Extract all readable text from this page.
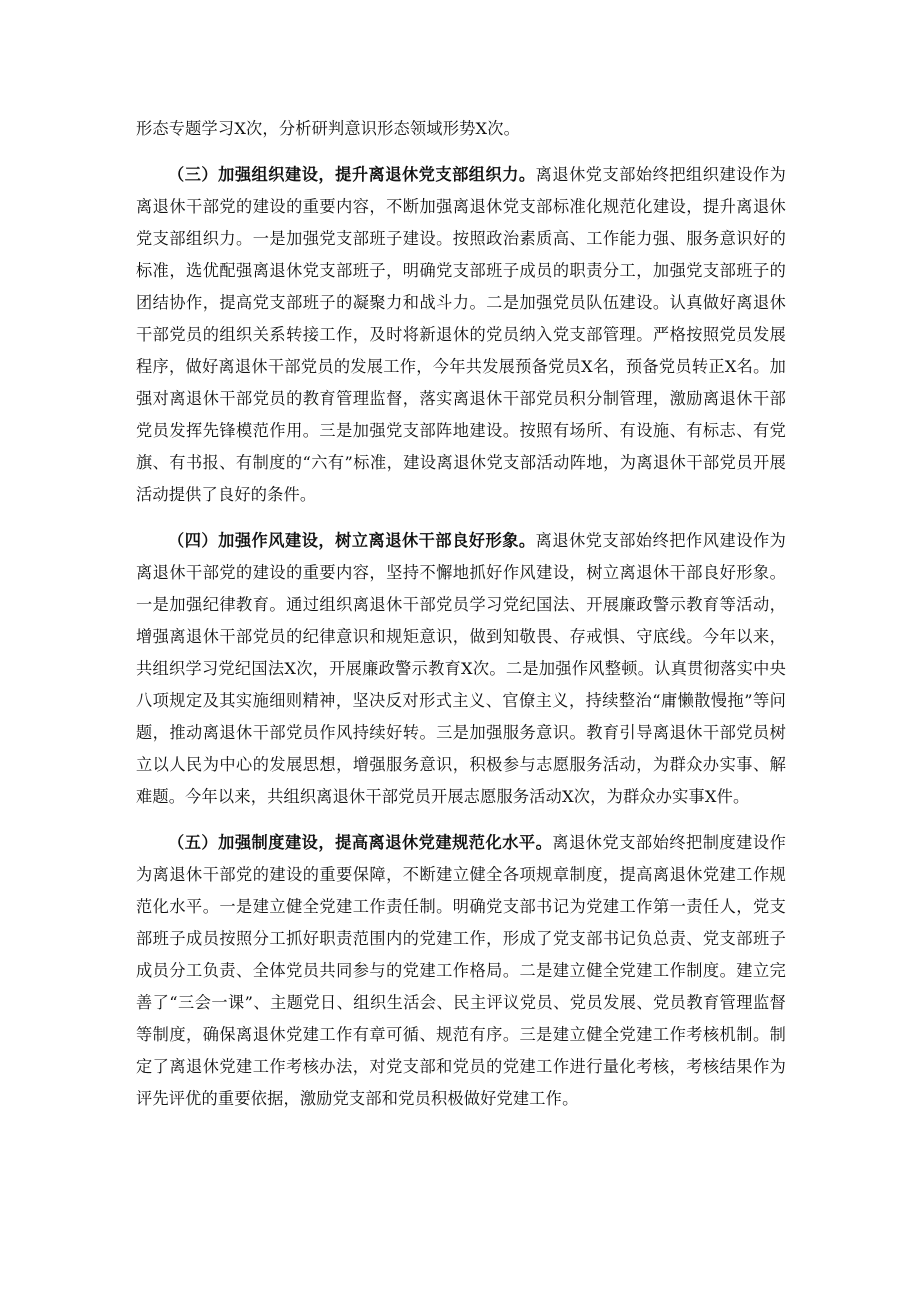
形态专题学习X次，分析研判意识形态领域形势X次。

（三）加强组织建设，提升离退休党支部组织力。离退休党支部始终把组织建设作为离退休干部党的建设的重要内容，不断加强离退休党支部标准化规范化建设，提升离退休党支部组织力。一是加强党支部班子建设。按照政治素质高、工作能力强、服务意识好的标准，选优配强离退休党支部班子，明确党支部班子成员的职责分工，加强党支部班子的团结协作，提高党支部班子的凝聚力和战斗力。二是加强党员队伍建设。认真做好离退休干部党员的组织关系转接工作，及时将新退休的党员纳入党支部管理。严格按照党员发展程序，做好离退休干部党员的发展工作，今年共发展预备党员X名，预备党员转正X名。加强对离退休干部党员的教育管理监督，落实离退休干部党员积分制管理，激励离退休干部党员发挥先锋模范作用。三是加强党支部阵地建设。按照有场所、有设施、有标志、有党旗、有书报、有制度的“六有”标准，建设离退休党支部活动阵地，为离退休干部党员开展活动提供了良好的条件。

（四）加强作风建设，树立离退休干部良好形象。离退休党支部始终把作风建设作为离退休干部党的建设的重要内容，坚持不懈地抓好作风建设，树立离退休干部良好形象。一是加强纪律教育。通过组织离退休干部党员学习党纪国法、开展廉政警示教育等活动，增强离退休干部党员的纪律意识和规矩意识，做到知敬畏、存戒惧、守底线。今年以来，共组织学习党纪国法X次，开展廉政警示教育X次。二是加强作风整顿。认真贯彻落实中央八项规定及其实施细则精神，坚决反对形式主义、官僚主义，持续整治“庸懒散慢拖”等问题，推动离退休干部党员作风持续好转。三是加强服务意识。教育引导离退休干部党员树立以人民为中心的发展思想，增强服务意识，积极参与志愿服务活动，为群众办实事、解难题。今年以来，共组织离退休干部党员开展志愿服务活动X次，为群众办实事X件。

（五）加强制度建设，提高离退休党建规范化水平。离退休党支部始终把制度建设作为离退休干部党的建设的重要保障，不断建立健全各项规章制度，提高离退休党建工作规范化水平。一是建立健全党建工作责任制。明确党支部书记为党建工作第一责任人，党支部班子成员按照分工抓好职责范围内的党建工作，形成了党支部书记负总责、党支部班子成员分工负责、全体党员共同参与的党建工作格局。二是建立健全党建工作制度。建立完善了“三会一课”、主题党日、组织生活会、民主评议党员、党员发展、党员教育管理监督等制度，确保离退休党建工作有章可循、规范有序。三是建立健全党建工作考核机制。制定了离退休党建工作考核办法，对党支部和党员的党建工作进行量化考核，考核结果作为评先评优的重要依据，激励党支部和党员积极做好党建工作。
